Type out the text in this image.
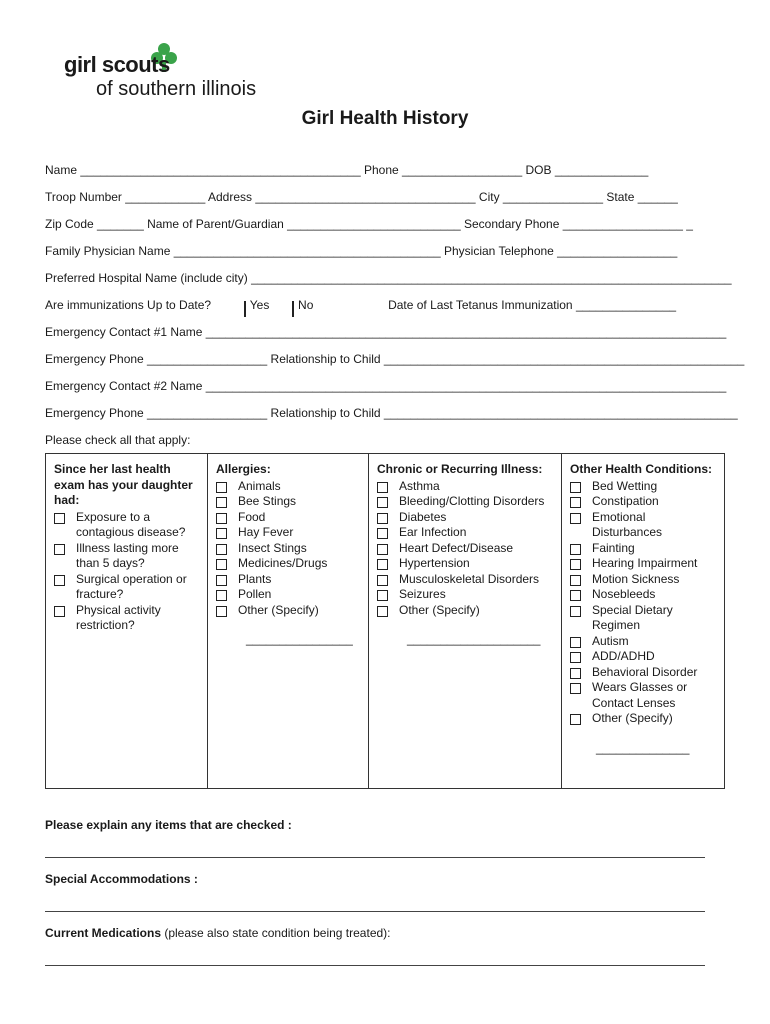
girl scouts
of southern illinois
Girl Health History
Name __________________________________________ Phone __________________ DOB ______________
Troop Number ____________ Address _________________________________ City _______________ State ______
Zip Code _______ Name of Parent/Guardian __________________________ Secondary Phone __________________ _
Family Physician Name ________________________________________ Physician Telephone __________________
Preferred Hospital Name (include city) ________________________________________________________________________
Are immunizations Up to Date?	Yes No	Date of Last Tetanus Immunization _______________
Emergency Contact #1 Name ______________________________________________________________________________
Emergency Phone __________________ Relationship to Child ______________________________________________________
Emergency Contact #2 Name ______________________________________________________________________________
Emergency Phone __________________ Relationship to Child _____________________________________________________
Please check all that apply:
Since her last health exam has your daughter had:
Exposure to a contagious disease?
Illness lasting more than 5 days?
Surgical operation or fracture?
Physical activity restriction?
Allergies:
Animals
Bee Stings
Food
Hay Fever
Insect Stings
Medicines/Drugs
Plants
Pollen
Other (Specify)
________________
Chronic or Recurring Illness:
Asthma
Bleeding/Clotting Disorders
Diabetes
Ear Infection
Heart Defect/Disease
Hypertension
Musculoskeletal Disorders
Seizures
Other (Specify)
____________________
Other Health Conditions:
Bed Wetting
Constipation
Emotional Disturbances
Fainting
Hearing Impairment
Motion Sickness
Nosebleeds
Special Dietary Regimen
Autism
ADD/ADHD
Behavioral Disorder
Wears Glasses or Contact Lenses
Other (Specify)
______________
Please explain any items that are checked :
Special Accommodations :
Current Medications (please also state condition being treated):
